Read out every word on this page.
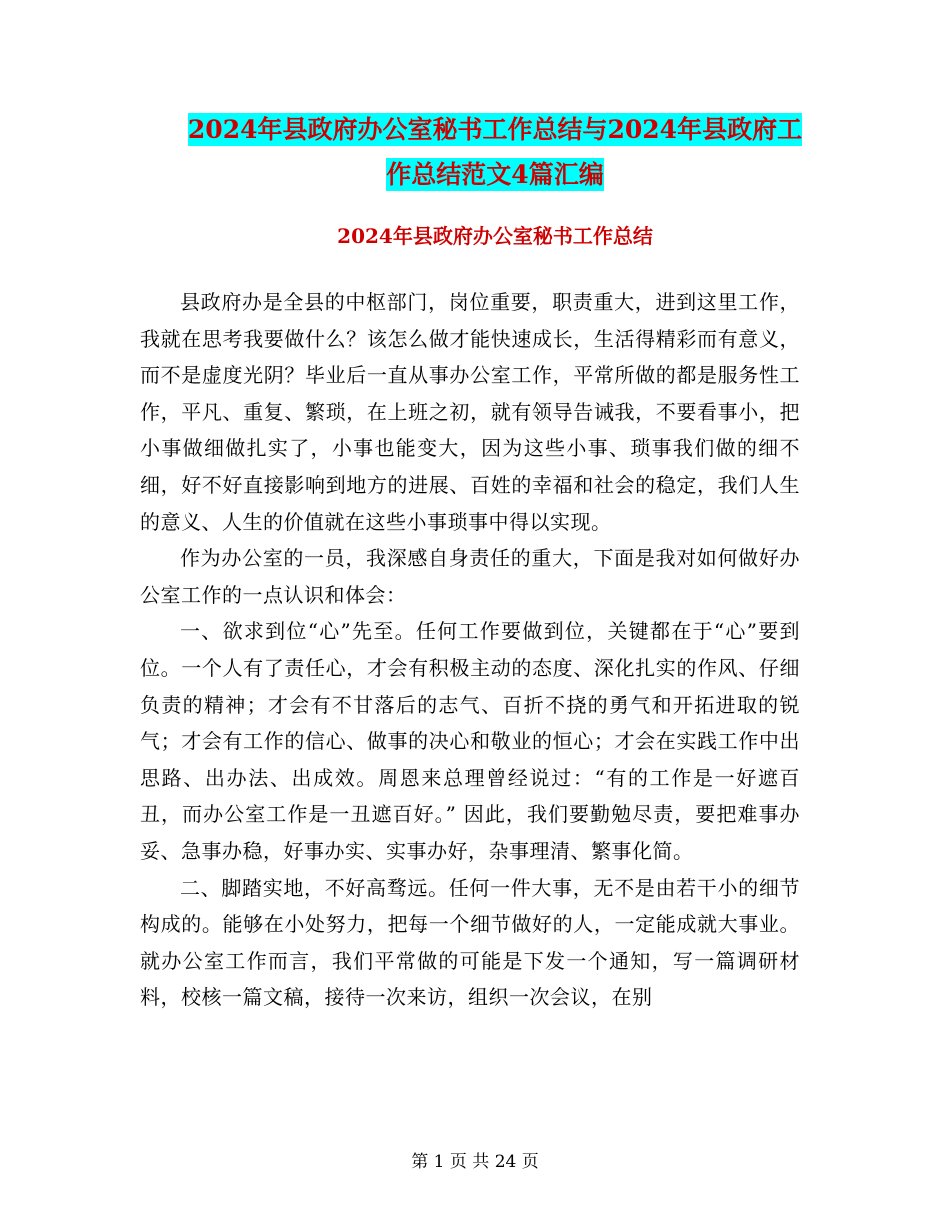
2024年县政府办公室秘书工作总结与2024年县政府工
作总结范文4篇汇编
2024年县政府办公室秘书工作总结

县政府办是全县的中枢部门，岗位重要，职责重大，进到这里工作，我就在思考我要做什么？该怎么做才能快速成长，生活得精彩而有意义，而不是虚度光阴？毕业后一直从事办公室工作，平常所做的都是服务性工作，平凡、重复、繁琐，在上班之初，就有领导告诫我，不要看事小，把小事做细做扎实了，小事也能变大，因为这些小事、琐事我们做的细不细，好不好直接影响到地方的进展、百姓的幸福和社会的稳定，我们人生的意义、人生的价值就在这些小事琐事中得以实现。

作为办公室的一员，我深感自身责任的重大，下面是我对如何做好办公室工作的一点认识和体会：

一、欲求到位“心”先至。任何工作要做到位，关键都在于“心”要到位。一个人有了责任心，才会有积极主动的态度、深化扎实的作风、仔细负责的精神；才会有不甘落后的志气、百折不挠的勇气和开拓进取的锐气；才会有工作的信心、做事的决心和敬业的恒心；才会在实践工作中出思路、出办法、出成效。周恩来总理曾经说过：“有的工作是一好遮百丑，而办公室工作是一丑遮百好。” 因此，我们要勤勉尽责，要把难事办妥、急事办稳，好事办实、实事办好，杂事理清、繁事化简。

二、脚踏实地，不好高骛远。任何一件大事，无不是由若干小的细节构成的。能够在小处努力，把每一个细节做好的人，一定能成就大事业。就办公室工作而言，我们平常做的可能是下发一个通知，写一篇调研材料，校核一篇文稿，接待一次来访，组织一次会议，在别

第 1 页 共 24 页
